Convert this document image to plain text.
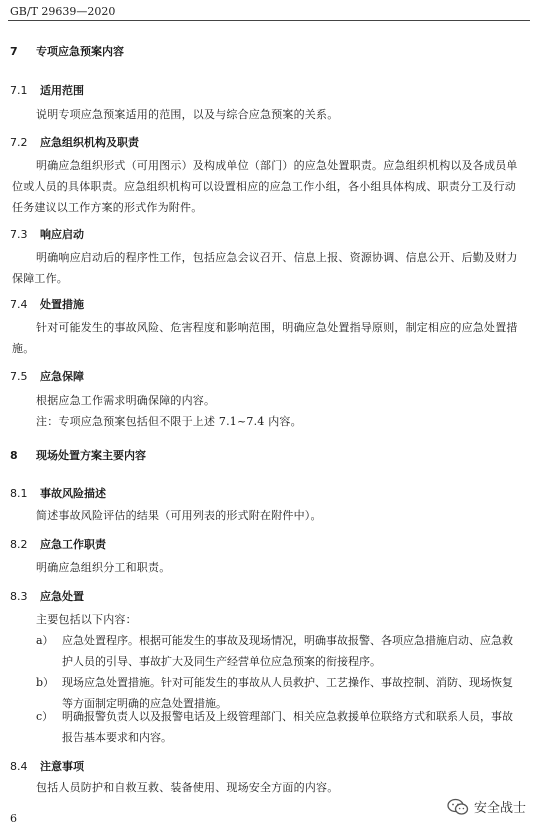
GB/T 29639—2020
7 专项应急预案内容
7.1 适用范围
说明专项应急预案适用的范围，以及与综合应急预案的关系。
7.2 应急组织机构及职责
明确应急组织形式（可用图示）及构成单位（部门）的应急处置职责。应急组织机构以及各成员单
位或人员的具体职责。应急组织机构可以设置相应的应急工作小组，各小组具体构成、职责分工及行动
任务建议以工作方案的形式作为附件。
7.3 响应启动
明确响应启动后的程序性工作，包括应急会议召开、信息上报、资源协调、信息公开、后勤及财力
保障工作。
7.4 处置措施
针对可能发生的事故风险、危害程度和影响范围，明确应急处置指导原则，制定相应的应急处置措
施。
7.5 应急保障
根据应急工作需求明确保障的内容。
注：专项应急预案包括但不限于上述 7.1~7.4 内容。
8 现场处置方案主要内容
8.1 事故风险描述
简述事故风险评估的结果（可用列表的形式附在附件中）。
8.2 应急工作职责
明确应急组织分工和职责。
8.3 应急处置
主要包括以下内容：
a） 应急处置程序。根据可能发生的事故及现场情况，明确事故报警、各项应急措施启动、应急救
护人员的引导、事故扩大及同生产经营单位应急预案的衔接程序。
b） 现场应急处置措施。针对可能发生的事故从人员救护、工艺操作、事故控制、消防、现场恢复
等方面制定明确的应急处置措施。
c） 明确报警负责人以及报警电话及上级管理部门、相关应急救援单位联络方式和联系人员，事故
报告基本要求和内容。
8.4 注意事项
包括人员防护和自救互救、装备使用、现场安全方面的内容。
6
安全战士
